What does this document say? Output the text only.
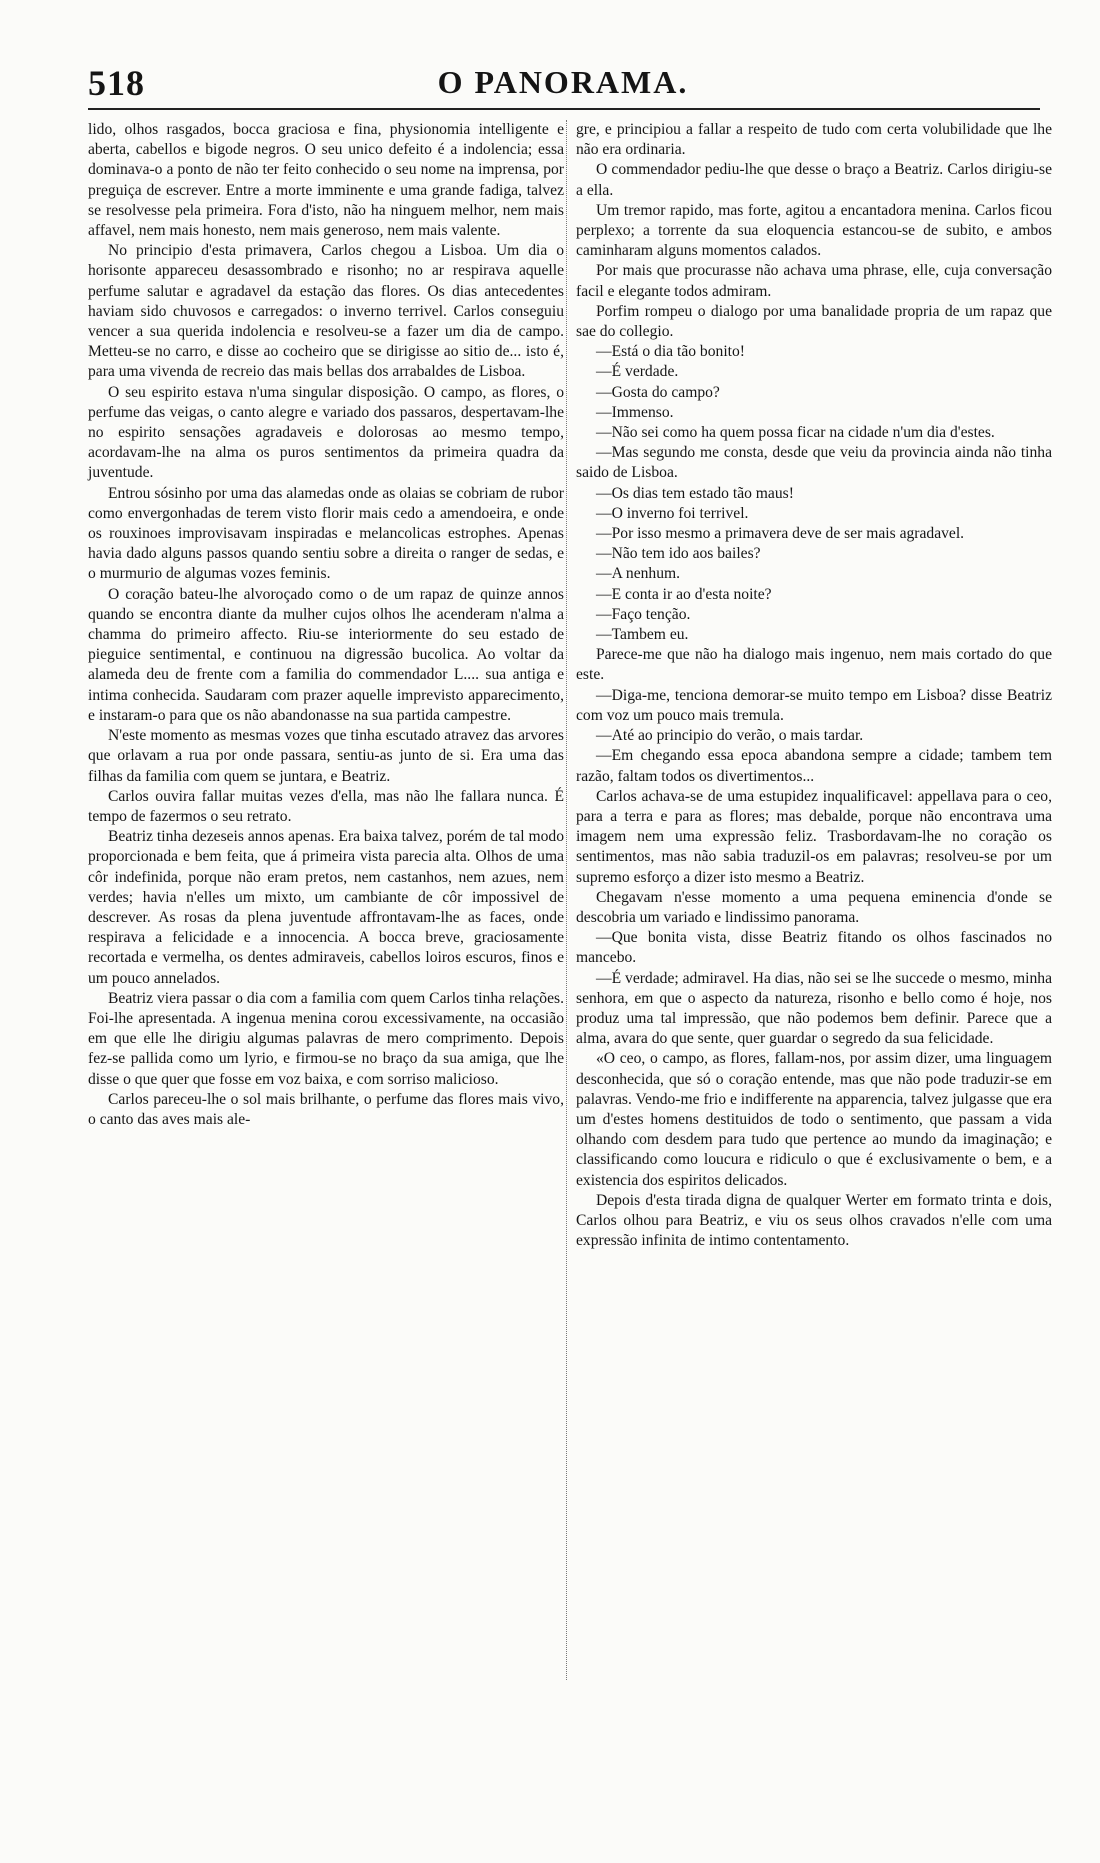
518	O PANORAMA.

lido, olhos rasgados, bocca graciosa e fina, physionomia intelligente e aberta, cabellos e bigode negros. O seu unico defeito é a indolencia; essa dominava‑o a ponto de não ter feito conhecido o seu nome na imprensa, por preguiça de escrever. Entre a morte imminente e uma grande fadiga, talvez se resolvesse pela primeira. Fora d'isto, não ha ninguem melhor, nem mais affavel, nem mais honesto, nem mais generoso, nem mais valente.

No principio d'esta primavera, Carlos chegou a Lisboa. Um dia o horisonte appareceu desassombrado e risonho; no ar respirava aquelle perfume salutar e agradavel da estação das flores. Os dias antecedentes haviam sido chuvosos e carregados: o inverno terrivel. Carlos conseguiu vencer a sua querida indolencia e resolveu‑se a fazer um dia de campo. Metteu‑se no carro, e disse ao cocheiro que se dirigisse ao sitio de... isto é, para uma vivenda de recreio das mais bellas dos arrabaldes de Lisboa.

O seu espirito estava n'uma singular disposição. O campo, as flores, o perfume das veigas, o canto alegre e variado dos passaros, despertavam‑lhe no espirito sensações agradaveis e dolorosas ao mesmo tempo, acordavam‑lhe na alma os puros sentimentos da primeira quadra da juventude.

Entrou sósinho por uma das alamedas onde as olaias se cobriam de rubor como envergonhadas de terem visto florir mais cedo a amendoeira, e onde os rouxinoes improvisavam inspiradas e melancolicas estrophes. Apenas havia dado alguns passos quando sentiu sobre a direita o ranger de sedas, e o murmurio de algumas vozes feminis.

O coração bateu‑lhe alvoroçado como o de um rapaz de quinze annos quando se encontra diante da mulher cujos olhos lhe acenderam n'alma a chamma do primeiro affecto. Riu‑se interiormente do seu estado de pieguice sentimental, e continuou na digressão bucolica. Ao voltar da alameda deu de frente com a familia do commendador L.... sua antiga e intima conhecida. Saudaram com prazer aquelle imprevisto apparecimento, e instaram‑o para que os não abandonasse na sua partida campestre.

N'este momento as mesmas vozes que tinha escutado atravez das arvores que orlavam a rua por onde passara, sentiu‑as junto de si. Era uma das filhas da familia com quem se juntara, e Beatriz.

Carlos ouvira fallar muitas vezes d'ella, mas não lhe fallara nunca. É tempo de fazermos o seu retrato.

Beatriz tinha dezeseis annos apenas. Era baixa talvez, porém de tal modo proporcionada e bem feita, que á primeira vista parecia alta. Olhos de uma côr indefinida, porque não eram pretos, nem castanhos, nem azues, nem verdes; havia n'elles um mixto, um cambiante de côr impossivel de descrever. As rosas da plena juventude affrontavam‑lhe as faces, onde respirava a felicidade e a innocencia. A bocca breve, graciosamente recortada e vermelha, os dentes admiraveis, cabellos loiros escuros, finos e um pouco annelados.

Beatriz viera passar o dia com a familia com quem Carlos tinha relações. Foi‑lhe apresentada. A ingenua menina corou excessivamente, na occasião em que elle lhe dirigiu algumas palavras de mero comprimento. Depois fez‑se pallida como um lyrio, e firmou‑se no braço da sua amiga, que lhe disse o que quer que fosse em voz baixa, e com sorriso malicioso.

Carlos pareceu‑lhe o sol mais brilhante, o perfume das flores mais vivo, o canto das aves mais ale‑

gre, e principiou a fallar a respeito de tudo com certa volubilidade que lhe não era ordinaria.

O commendador pediu‑lhe que desse o braço a Beatriz. Carlos dirigiu‑se a ella.

Um tremor rapido, mas forte, agitou a encantadora menina. Carlos ficou perplexo; a torrente da sua eloquencia estancou‑se de subito, e ambos caminharam alguns momentos calados.

Por mais que procurasse não achava uma phrase, elle, cuja conversação facil e elegante todos admiram.

Porfim rompeu o dialogo por uma banalidade propria de um rapaz que sae do collegio.

—Está o dia tão bonito!

—É verdade.

—Gosta do campo?

—Immenso.

—Não sei como ha quem possa ficar na cidade n'um dia d'estes.

—Mas segundo me consta, desde que veiu da provincia ainda não tinha saido de Lisboa.

—Os dias tem estado tão maus!

—O inverno foi terrivel.

—Por isso mesmo a primavera deve de ser mais agradavel.

—Não tem ido aos bailes?

—A nenhum.

—E conta ir ao d'esta noite?

—Faço tenção.

—Tambem eu.

Parece‑me que não ha dialogo mais ingenuo, nem mais cortado do que este.

—Diga‑me, tenciona demorar‑se muito tempo em Lisboa? disse Beatriz com voz um pouco mais tremula.

—Até ao principio do verão, o mais tardar.

—Em chegando essa epoca abandona sempre a cidade; tambem tem razão, faltam todos os divertimentos...

Carlos achava‑se de uma estupidez inqualificavel: appellava para o ceo, para a terra e para as flores; mas debalde, porque não encontrava uma imagem nem uma expressão feliz. Trasbordavam‑lhe no coração os sentimentos, mas não sabia traduzil‑os em palavras; resolveu‑se por um supremo esforço a dizer isto mesmo a Beatriz.

Chegavam n'esse momento a uma pequena eminencia d'onde se descobria um variado e lindissimo panorama.

—Que bonita vista, disse Beatriz fitando os olhos fascinados no mancebo.

—É verdade; admiravel. Ha dias, não sei se lhe succede o mesmo, minha senhora, em que o aspecto da natureza, risonho e bello como é hoje, nos produz uma tal impressão, que não podemos bem definir. Parece que a alma, avara do que sente, quer guardar o segredo da sua felicidade.

«O ceo, o campo, as flores, fallam‑nos, por assim dizer, uma linguagem desconhecida, que só o coração entende, mas que não pode traduzir‑se em palavras. Vendo‑me frio e indifferente na apparencia, talvez julgasse que era um d'estes homens destituidos de todo o sentimento, que passam a vida olhando com desdem para tudo que pertence ao mundo da imaginação; e classificando como loucura e ridiculo o que é exclusivamente o bem, e a existencia dos espiritos delicados.

Depois d'esta tirada digna de qualquer Werter em formato trinta e dois, Carlos olhou para Beatriz, e viu os seus olhos cravados n'elle com uma expressão infinita de intimo contentamento.
